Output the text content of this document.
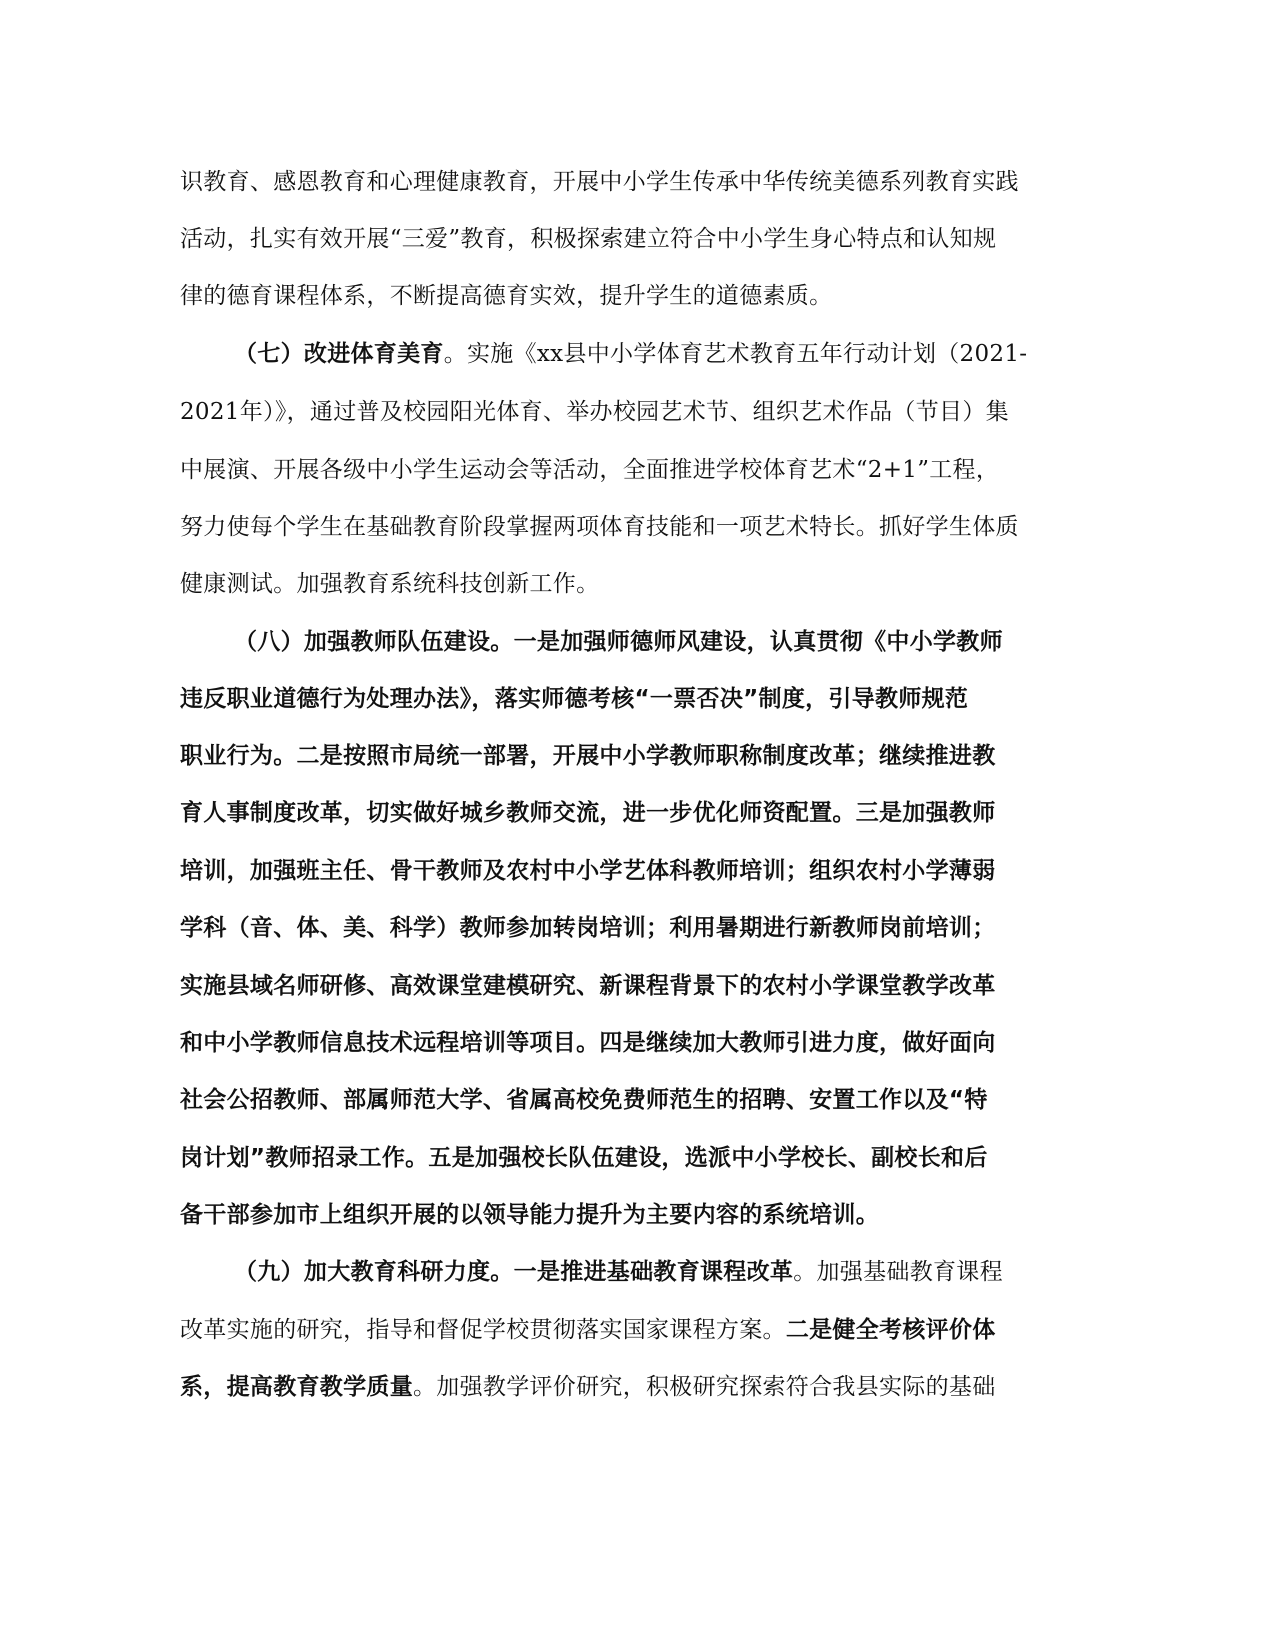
识教育、感恩教育和心理健康教育，开展中小学生传承中华传统美德系列教育实践
活动，扎实有效开展“三爱”教育，积极探索建立符合中小学生身心特点和认知规
律的德育课程体系，不断提高德育实效，提升学生的道德素质。
（七）改进体育美育。实施《xx县中小学体育艺术教育五年行动计划（2021-
2021年）》，通过普及校园阳光体育、举办校园艺术节、组织艺术作品（节目）集
中展演、开展各级中小学生运动会等活动，全面推进学校体育艺术“2+1”工程，
努力使每个学生在基础教育阶段掌握两项体育技能和一项艺术特长。抓好学生体质
健康测试。加强教育系统科技创新工作。
（八）加强教师队伍建设。一是加强师德师风建设，认真贯彻《中小学教师
违反职业道德行为处理办法》，落实师德考核“一票否决”制度，引导教师规范
职业行为。二是按照市局统一部署，开展中小学教师职称制度改革；继续推进教
育人事制度改革，切实做好城乡教师交流，进一步优化师资配置。三是加强教师
培训，加强班主任、骨干教师及农村中小学艺体科教师培训；组织农村小学薄弱
学科（音、体、美、科学）教师参加转岗培训；利用暑期进行新教师岗前培训；
实施县域名师研修、高效课堂建模研究、新课程背景下的农村小学课堂教学改革
和中小学教师信息技术远程培训等项目。四是继续加大教师引进力度，做好面向
社会公招教师、部属师范大学、省属高校免费师范生的招聘、安置工作以及“特
岗计划”教师招录工作。五是加强校长队伍建设，选派中小学校长、副校长和后
备干部参加市上组织开展的以领导能力提升为主要内容的系统培训。
（九）加大教育科研力度。一是推进基础教育课程改革。加强基础教育课程
改革实施的研究，指导和督促学校贯彻落实国家课程方案。二是健全考核评价体
系，提高教育教学质量。加强教学评价研究，积极研究探索符合我县实际的基础
